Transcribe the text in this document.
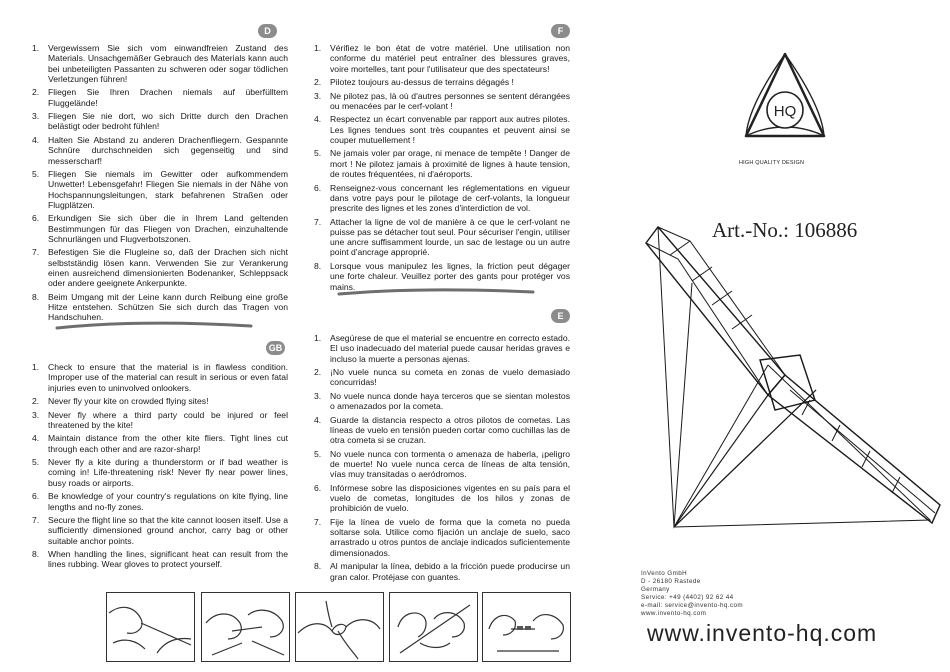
D
1.	Vergewissern Sie sich vom einwandfreien Zustand des Materials. Unsachgemäßer Gebrauch des Materials kann auch bei unbeteiligten Passanten zu schweren oder sogar tödlichen Verletzungen führen!
2.	Fliegen Sie Ihren Drachen niemals auf überfülltem Fluggelände!
3.	Fliegen Sie nie dort, wo sich Dritte durch den Drachen belästigt oder bedroht fühlen!
4.	Halten Sie Abstand zu anderen Drachenfliegern. Gespannte Schnüre durchschneiden sich gegenseitig und sind messerscharf!
5.	Fliegen Sie niemals im Gewitter oder aufkommendem Unwetter! Lebensgefahr! Fliegen Sie niemals in der Nähe von Hochspannungsleitungen, stark befahrenen Straßen oder Flugplätzen.
6.	Erkundigen Sie sich über die in Ihrem Land geltenden Bestimmungen für das Fliegen von Drachen, einzuhaltende Schnurlängen und Flugverbotszonen.
7.	Befestigen Sie die Flugleine so, daß der Drachen sich nicht selbstständig lösen kann. Verwenden Sie zur Verankerung einen ausreichend dimensionierten Bodenanker, Schleppsack oder andere geeignete Ankerpunkte.
8.	Beim Umgang mit der Leine kann durch Reibung eine große Hitze entstehen. Schützen Sie sich durch das Tragen von Handschuhen.
GB
1.	Check to ensure that the material is in flawless condition. Improper use of the material can result in serious or even fatal injuries even to uninvolved onlookers.
2.	Never fly your kite on crowded flying sites!
3.	Never fly where a third party could be injured or feel threatened by the kite!
4.	Maintain distance from the other kite fliers. Tight lines cut through each other and are razor-sharp!
5.	Never fly a kite during a thunderstorm or if bad weather is coming in! Life-threatening risk! Never fly near power lines, busy roads or airports.
6.	Be knowledge of your country's regulations on kite flying, line lengths and no-fly zones.
7.	Secure the flight line so that the kite cannot loosen itself. Use a sufficiently dimensioned ground anchor, carry bag or other suitable anchor points.
8.	When handling the lines, significant heat can result from the lines rubbing. Wear gloves to protect yourself.
F
1.	Vérifiez le bon état de votre matériel. Une utilisation non conforme du matériel peut entraîner des blessures graves, voire mortelles, tant pour l'utilisateur que des spectateurs!
2.	Pilotez toujours au-dessus de terrains dégagés !
3.	Ne pilotez pas, là où d'autres personnes se sentent dérangées ou menacées par le cerf-volant !
4.	Respectez un écart convenable par rapport aux autres pilotes. Les lignes tendues sont très coupantes et peuvent ainsi se couper mutuellement !
5.	Ne jamais voler par orage, ni menace de tempête ! Danger de mort ! Ne pilotez jamais à proximité de lignes à haute tension, de routes fréquentées, ni d'aéroports.
6.	Renseignez-vous concernant les réglementations en vigueur dans votre pays pour le pilotage de cerf-volants, la longueur prescrite des lignes et les zones d'interdiction de vol.
7.	Attacher la ligne de vol de manière à ce que le cerf-volant ne puisse pas se détacher tout seul. Pour sécuriser l'engin, utiliser une ancre suffisamment lourde, un sac de lestage ou un autre point d'ancrage approprié.
8.	Lorsque vous manipulez les lignes, la friction peut dégager une forte chaleur. Veuillez porter des gants pour protéger vos mains.
E
1.	Asegúrese de que el material se encuentre en correcto estado. El uso inadecuado del material puede causar heridas graves e incluso la muerte a personas ajenas.
2.	¡No vuele nunca su cometa en zonas de vuelo demasiado concurridas!
3.	No vuele nunca donde haya terceros que se sientan molestos o amenazados por la cometa.
4.	Guarde la distancia respecto a otros pilotos de cometas. Las líneas de vuelo en tensión pueden cortar como cuchillas las de otra cometa si se cruzan.
5.	No vuele nunca con tormenta o amenaza de haberla, ¡peligro de muerte! No vuele nunca cerca de líneas de alta tensión, vías muy transitadas o aeródromos.
6.	Infórmese sobre las disposiciones vigentes en su país para el vuelo de cometas, longitudes de los hilos y zonas de prohibición de vuelo.
7.	Fije la línea de vuelo de forma que la cometa no pueda soltarse sola. Utilice como fijación un anclaje de suelo, saco arrastrado u otros puntos de anclaje indicados suficientemente dimensionados.
8.	Al manipular la línea, debido a la fricción puede producirse un gran calor. Protéjase con guantes.
HQ
HIGH QUALITY DESIGN
Art.-No.: 106886
InVento GmbH
D - 26180 Rastede
Germany
Service: +49 (4402) 92 62 44
e-mail: service@invento-hq.com
www.invento-hq.com
www.invento-hq.com
